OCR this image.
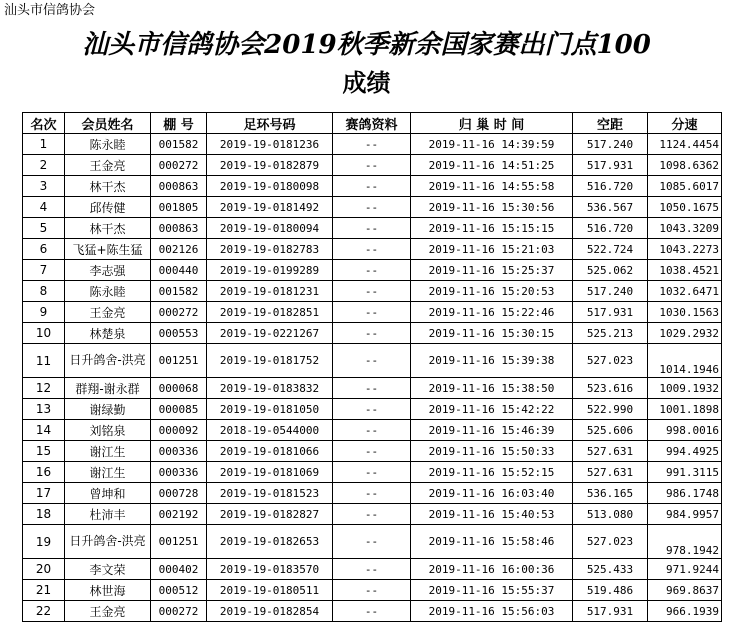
汕头市信鸽协会
汕头市信鸽协会2019秋季新余国家赛出门点100
成绩
名次	会员姓名	棚 号	足环号码	赛鸽资料	归 巢 时 间	空距	分速
1	陈永睦	001582	2019-19-0181236	--	2019-11-16 14:39:59	517.240	1124.4454
2	王金亮	000272	2019-19-0182879	--	2019-11-16 14:51:25	517.931	1098.6362
3	林干杰	000863	2019-19-0180098	--	2019-11-16 14:55:58	516.720	1085.6017
4	邱传健	001805	2019-19-0181492	--	2019-11-16 15:30:56	536.567	1050.1675
5	林干杰	000863	2019-19-0180094	--	2019-11-16 15:15:15	516.720	1043.3209
6	飞猛+陈生猛	002126	2019-19-0182783	--	2019-11-16 15:21:03	522.724	1043.2273
7	李志强	000440	2019-19-0199289	--	2019-11-16 15:25:37	525.062	1038.4521
8	陈永睦	001582	2019-19-0181231	--	2019-11-16 15:20:53	517.240	1032.6471
9	王金亮	000272	2019-19-0182851	--	2019-11-16 15:22:46	517.931	1030.1563
10	林楚泉	000553	2019-19-0221267	--	2019-11-16 15:30:15	525.213	1029.2932
11	日升鸽舍-洪亮	001251	2019-19-0181752	--	2019-11-16 15:39:38	527.023	1014.1946
12	群翔-谢永群	000068	2019-19-0183832	--	2019-11-16 15:38:50	523.616	1009.1932
13	谢绿勤	000085	2019-19-0181050	--	2019-11-16 15:42:22	522.990	1001.1898
14	刘铭泉	000092	2018-19-0544000	--	2019-11-16 15:46:39	525.606	998.0016
15	谢江生	000336	2019-19-0181066	--	2019-11-16 15:50:33	527.631	994.4925
16	谢江生	000336	2019-19-0181069	--	2019-11-16 15:52:15	527.631	991.3115
17	曾坤和	000728	2019-19-0181523	--	2019-11-16 16:03:40	536.165	986.1748
18	杜沛丰	002192	2019-19-0182827	--	2019-11-16 15:40:53	513.080	984.9957
19	日升鸽舍-洪亮	001251	2019-19-0182653	--	2019-11-16 15:58:46	527.023	978.1942
20	李文荣	000402	2019-19-0183570	--	2019-11-16 16:00:36	525.433	971.9244
21	林世海	000512	2019-19-0180511	--	2019-11-16 15:55:37	519.486	969.8637
22	王金亮	000272	2019-19-0182854	--	2019-11-16 15:56:03	517.931	966.1939
